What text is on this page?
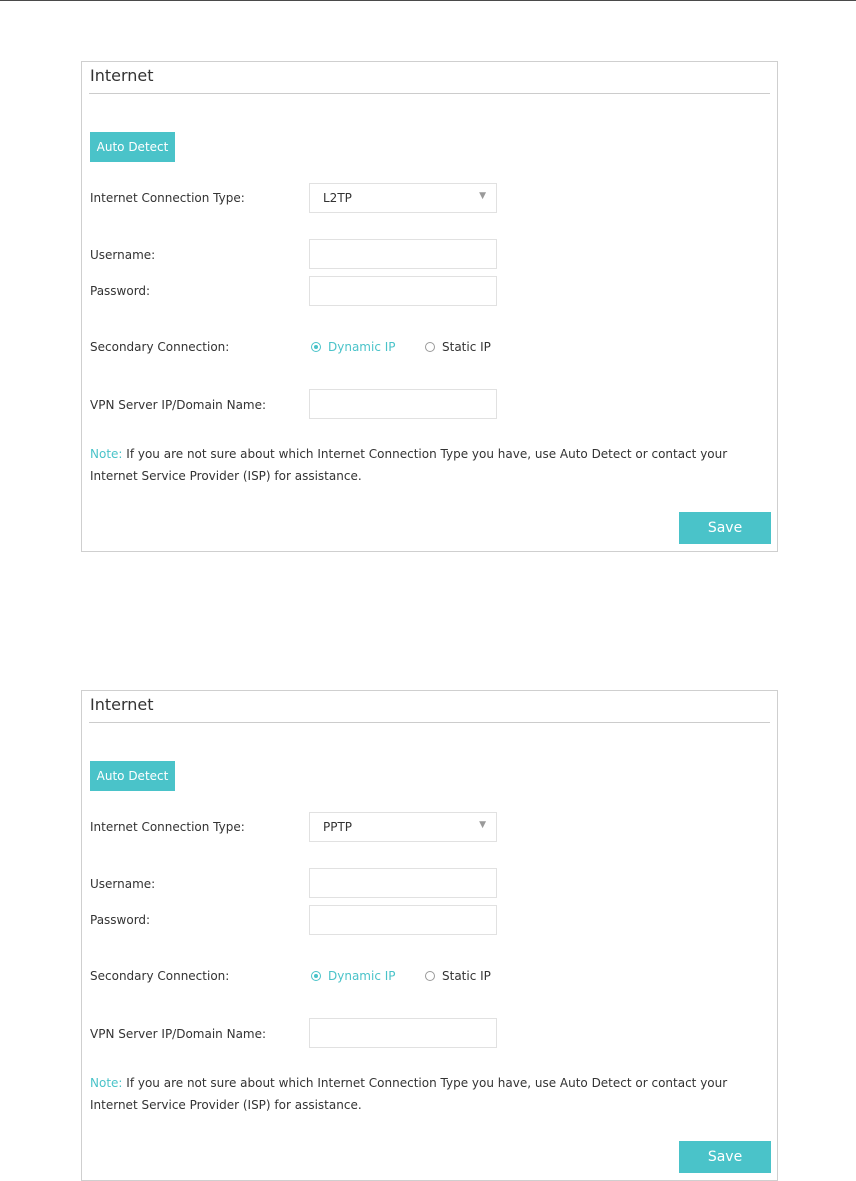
Internet
Auto Detect
Internet Connection Type:	L2TP	▼
Username:
Password:
Secondary Connection:	Dynamic IP	Static IP
VPN Server IP/Domain Name:
Note: If you are not sure about which Internet Connection Type you have, use Auto Detect or contact your Internet Service Provider (ISP) for assistance.
Save
Internet
Auto Detect
Internet Connection Type:	PPTP	▼
Username:
Password:
Secondary Connection:	Dynamic IP	Static IP
VPN Server IP/Domain Name:
Note: If you are not sure about which Internet Connection Type you have, use Auto Detect or contact your Internet Service Provider (ISP) for assistance.
Save
